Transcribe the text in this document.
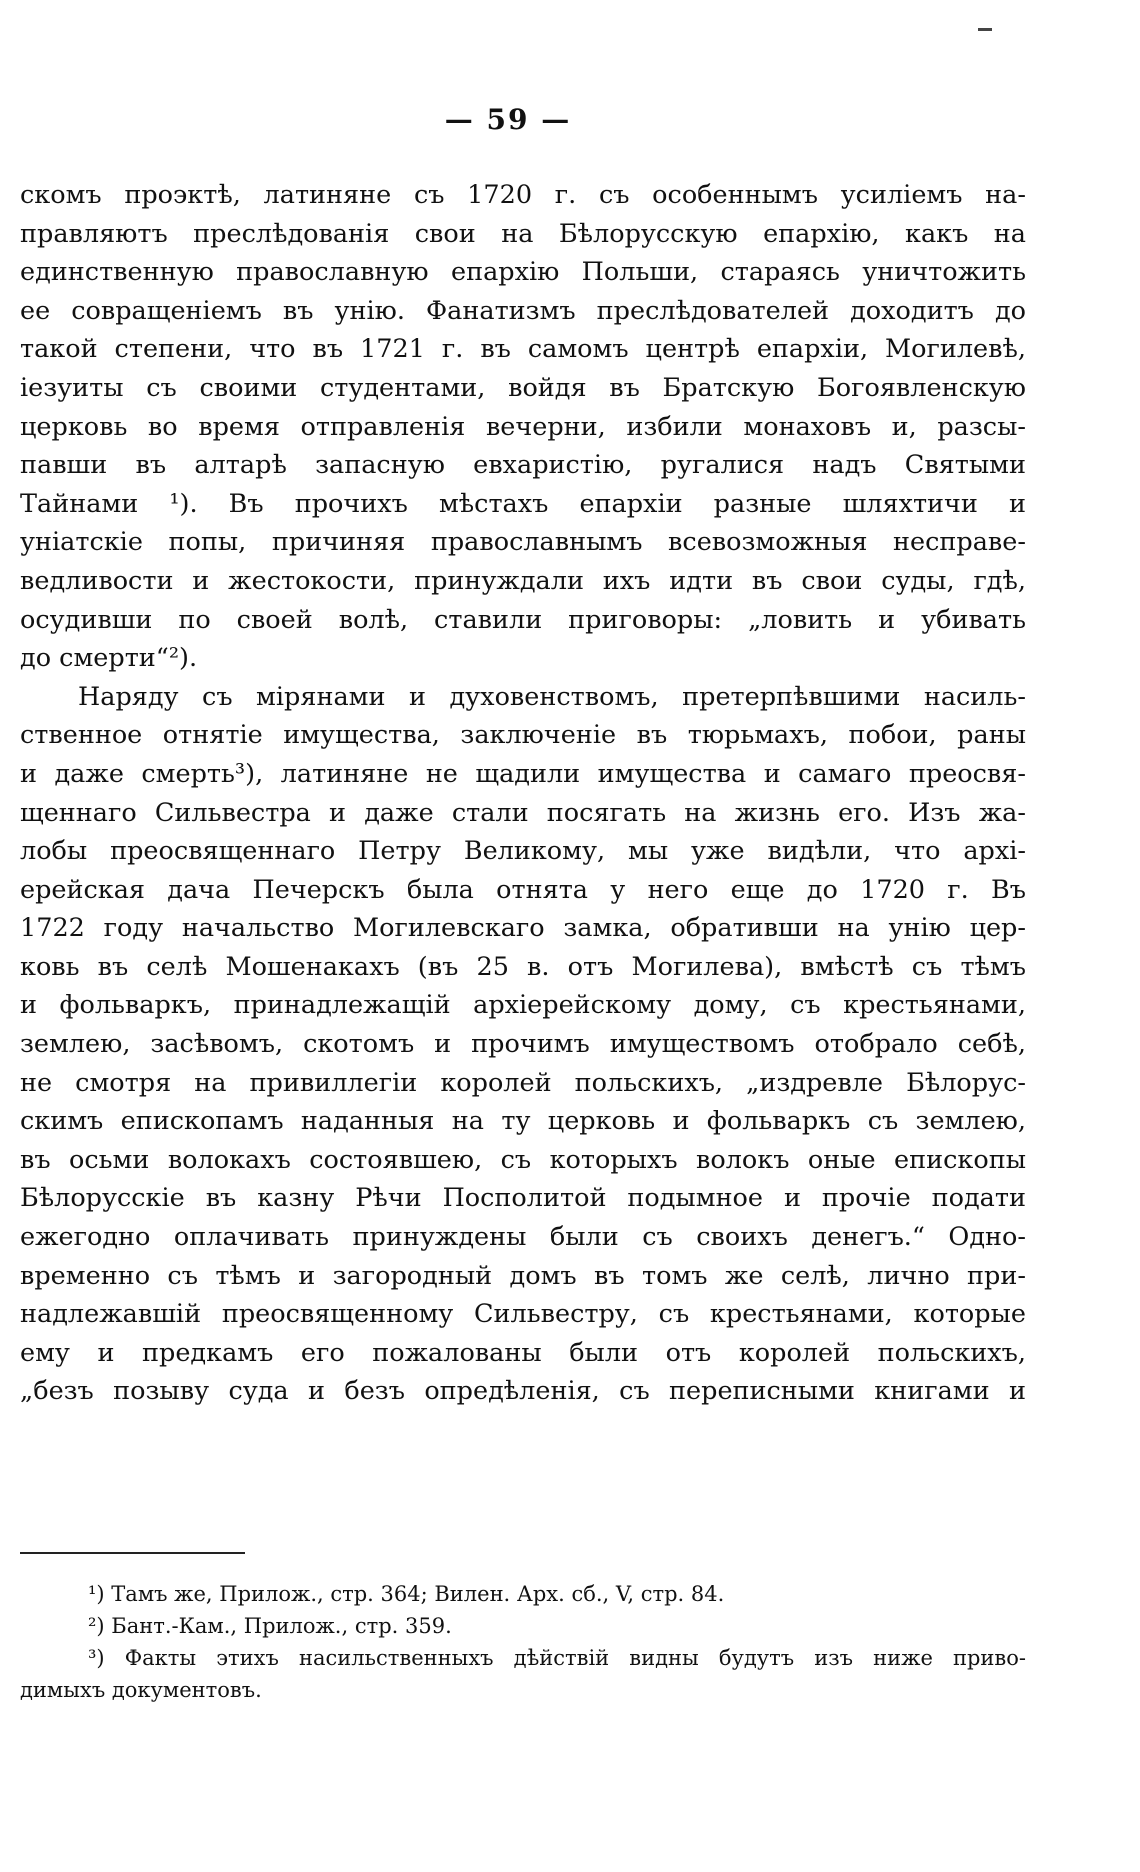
— 59 —
скомъ проэктѣ, латиняне съ 1720 г. съ особеннымъ усиліемъ на-
правляютъ преслѣдованія свои на Бѣлорусскую епархію, какъ на
единственную православную епархію Польши, стараясь уничтожить
ее совращеніемъ въ унію. Фанатизмъ преслѣдователей доходитъ до
такой степени, что въ 1721 г. въ самомъ центрѣ епархіи, Могилевѣ,
іезуиты съ своими студентами, войдя въ Братскую Богоявленскую
церковь во время отправленія вечерни, избили монаховъ и, разсы-
павши въ алтарѣ запасную евхаристію, ругалися надъ Святыми
Тайнами ¹). Въ прочихъ мѣстахъ епархіи разные шляхтичи и
уніатскіе попы, причиняя православнымъ всевозможныя несправе-
ведливости и жестокости, принуждали ихъ идти въ свои суды, гдѣ,
осудивши по своей волѣ, ставили приговоры: „ловить и убивать
до смерти“²).
Наряду съ мірянами и духовенствомъ, претерпѣвшими насиль-
ственное отнятіе имущества, заключеніе въ тюрьмахъ, побои, раны
и даже смерть³), латиняне не щадили имущества и самаго преосвя-
щеннаго Сильвестра и даже стали посягать на жизнь его. Изъ жа-
лобы преосвященнаго Петру Великому, мы уже видѣли, что архі-
ерейская дача Печерскъ была отнята у него еще до 1720 г. Въ
1722 году начальство Могилевскаго замка, обративши на унію цер-
ковь въ селѣ Мошенакахъ (въ 25 в. отъ Могилева), вмѣстѣ съ тѣмъ
и фольваркъ, принадлежащій архіерейскому дому, съ крестьянами,
землею, засѣвомъ, скотомъ и прочимъ имуществомъ отобрало себѣ,
не смотря на привиллегіи королей польскихъ, „издревле Бѣлорус-
скимъ епископамъ наданныя на ту церковь и фольваркъ съ землею,
въ осьми волокахъ состоявшею, съ которыхъ волокъ оные епископы
Бѣлорусскіе въ казну Рѣчи Посполитой подымное и прочіе подати
ежегодно оплачивать принуждены были съ своихъ денегъ.“ Одно-
временно съ тѣмъ и загородный домъ въ томъ же селѣ, лично при-
надлежавшій преосвященному Сильвестру, съ крестьянами, которые
ему и предкамъ его пожалованы были отъ королей польскихъ,
„безъ позыву суда и безъ опредѣленія, съ переписными книгами и
¹) Тамъ же, Прилож., стр. 364; Вилен. Арх. сб., V, стр. 84.
²) Бант.-Кам., Прилож., стр. 359.
³) Факты этихъ насильственныхъ дѣйствій видны будутъ изъ ниже приво-
димыхъ документовъ.
